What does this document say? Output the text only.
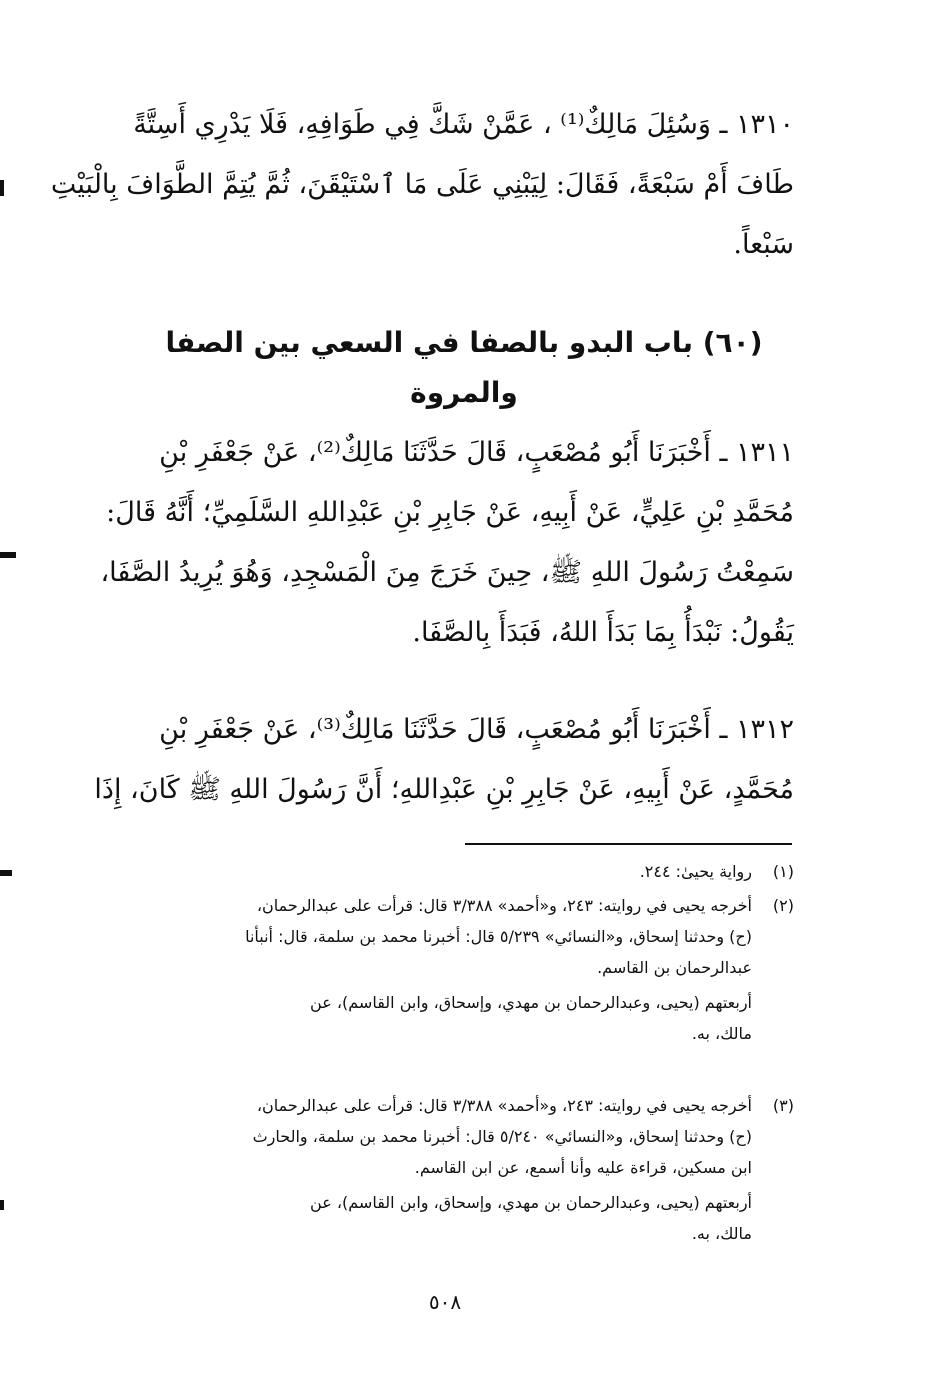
١٣١٠ ـ وَسُئِلَ مَالِكٌ⁽¹⁾ ، عَمَّنْ شَكَّ فِي طَوَافِهِ، فَلَا يَدْرِي أَسِتَّةً
طَافَ أَمْ سَبْعَةً، فَقَالَ: لِيَبْنِي عَلَى مَا ٱسْتَيْقَنَ، ثُمَّ يُتِمَّ الطَّوَافَ بِالْبَيْتِ
سَبْعاً.
(٦٠) باب البدو بالصفا في السعي بين الصفا والمروة
١٣١١ ـ أَخْبَرَنَا أَبُو مُصْعَبٍ، قَالَ حَدَّثَنَا مَالِكٌ⁽²⁾، عَنْ جَعْفَرِ بْنِ
مُحَمَّدِ بْنِ عَلِيٍّ، عَنْ أَبِيهِ، عَنْ جَابِرِ بْنِ عَبْدِاللهِ السَّلَمِيِّ؛ أَنَّهُ قَالَ:
سَمِعْتُ رَسُولَ اللهِ ﷺ، حِينَ خَرَجَ مِنَ الْمَسْجِدِ، وَهُوَ يُرِيدُ الصَّفَا،
يَقُولُ: نَبْدَأُ بِمَا بَدَأَ اللهُ، فَبَدَأَ بِالصَّفَا.
١٣١٢ ـ أَخْبَرَنَا أَبُو مُصْعَبٍ، قَالَ حَدَّثَنَا مَالِكٌ⁽³⁾، عَنْ جَعْفَرِ بْنِ
مُحَمَّدٍ، عَنْ أَبِيهِ، عَنْ جَابِرِ بْنِ عَبْدِاللهِ؛ أَنَّ رَسُولَ اللهِ ﷺ كَانَ، إِذَا
(١)
رواية يحيىٰ: ٢٤٤.
(٢)
أخرجه يحيى في روايته: ٢٤٣، و«أحمد» ٣/٣٨٨ قال: قرأت على عبدالرحمان،
(ح) وحدثنا إسحاق، و«النسائي» ٥/٢٣٩ قال: أخبرنا محمد بن سلمة، قال: أنبأنا
عبدالرحمان بن القاسم.
أربعتهم (يحيى، وعبدالرحمان بن مهدي، وإسحاق، وابن القاسم)، عن
مالك، به.
(٣)
أخرجه يحيى في روايته: ٢٤٣، و«أحمد» ٣/٣٨٨ قال: قرأت على عبدالرحمان،
(ح) وحدثنا إسحاق، و«النسائي» ٥/٢٤٠ قال: أخبرنا محمد بن سلمة، والحارث
ابن مسكين، قراءة عليه وأنا أسمع، عن ابن القاسم.
أربعتهم (يحيى، وعبدالرحمان بن مهدي، وإسحاق، وابن القاسم)، عن
مالك، به.
٥٠٨
